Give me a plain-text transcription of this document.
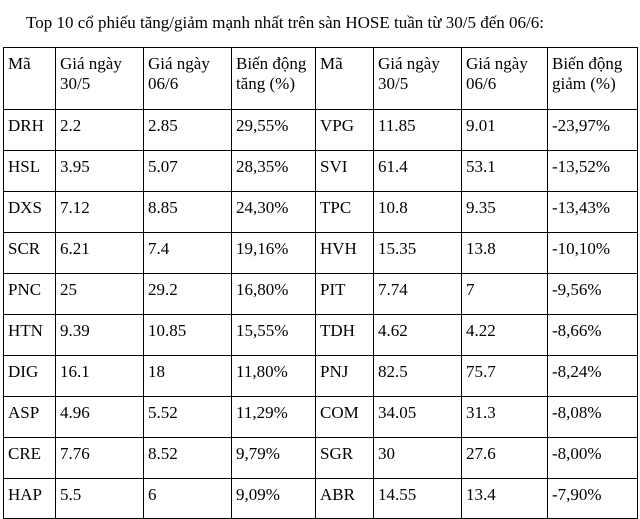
Top 10 cổ phiếu tăng/giảm mạnh nhất trên sàn HOSE tuần từ 30/5 đến 06/6:
Mã	Giá ngày 30/5	Giá ngày 06/6	Biến động tăng (%)	Mã	Giá ngày 30/5	Giá ngày 06/6	Biến động giảm (%)
DRH	2.2	2.85	29,55%	VPG	11.85	9.01	-23,97%
HSL	3.95	5.07	28,35%	SVI	61.4	53.1	-13,52%
DXS	7.12	8.85	24,30%	TPC	10.8	9.35	-13,43%
SCR	6.21	7.4	19,16%	HVH	15.35	13.8	-10,10%
PNC	25	29.2	16,80%	PIT	7.74	7	-9,56%
HTN	9.39	10.85	15,55%	TDH	4.62	4.22	-8,66%
DIG	16.1	18	11,80%	PNJ	82.5	75.7	-8,24%
ASP	4.96	5.52	11,29%	COM	34.05	31.3	-8,08%
CRE	7.76	8.52	9,79%	SGR	30	27.6	-8,00%
HAP	5.5	6	9,09%	ABR	14.55	13.4	-7,90%
